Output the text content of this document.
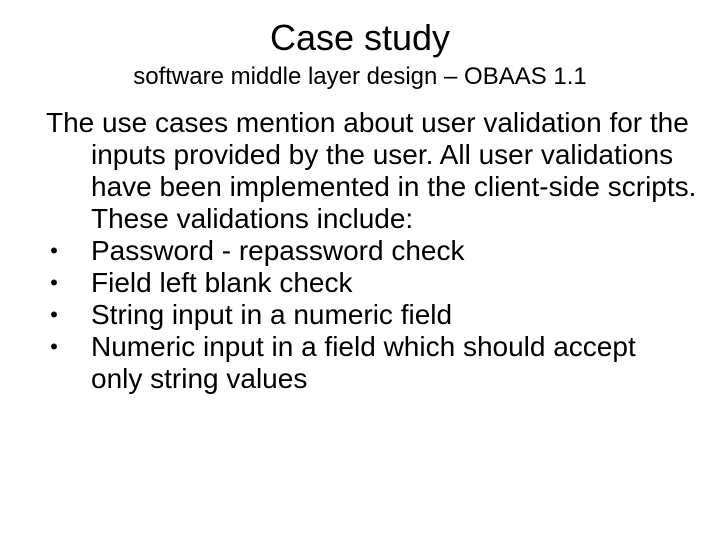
Case study
software middle layer design – OBAAS 1.1

The use cases mention about user validation for the inputs provided by the user. All user validations have been implemented in the client-side scripts. These validations include:

• Password - repassword check
• Field left blank check
• String input in a numeric field
• Numeric input in a field which should accept only string values
